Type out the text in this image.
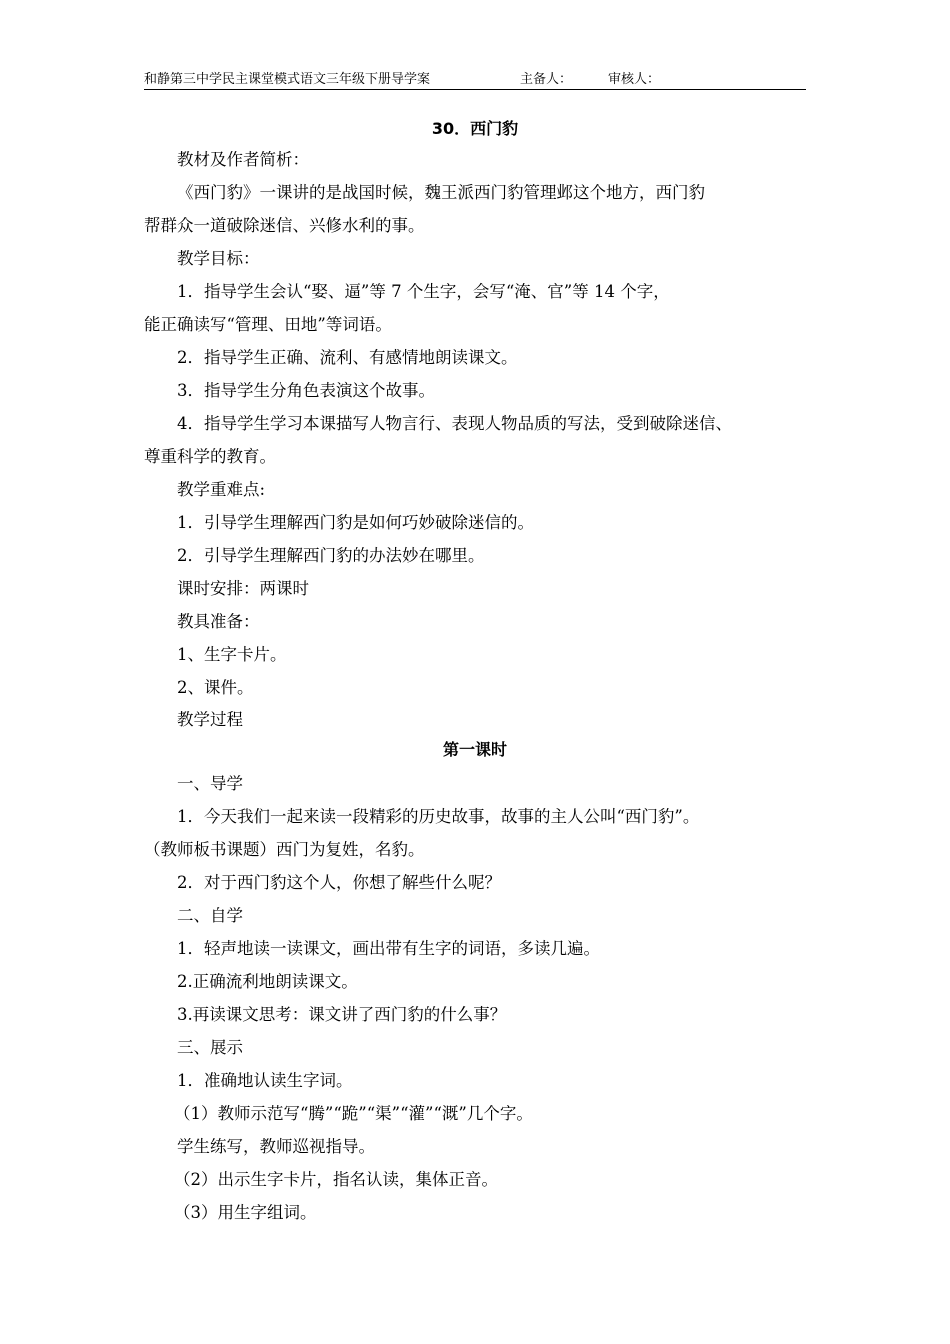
和静第三中学民主课堂模式语文三年级下册导学案	主备人：	审核人：
30．西门豹
教材及作者简析：
《西门豹》一课讲的是战国时候，魏王派西门豹管理邺这个地方，西门豹
帮群众一道破除迷信、兴修水利的事。
教学目标：
1．指导学生会认“娶、逼”等 7 个生字，会写“淹、官”等 14 个字，
能正确读写“管理、田地”等词语。
2．指导学生正确、流利、有感情地朗读课文。
3．指导学生分角色表演这个故事。
4．指导学生学习本课描写人物言行、表现人物品质的写法，受到破除迷信、
尊重科学的教育。
教学重难点:
1．引导学生理解西门豹是如何巧妙破除迷信的。
2．引导学生理解西门豹的办法妙在哪里。
课时安排：两课时
教具准备：
1、生字卡片。
2、课件。
教学过程
第一课时
一、导学
1．今天我们一起来读一段精彩的历史故事，故事的主人公叫“西门豹”。
（教师板书课题）西门为复姓，名豹。
2．对于西门豹这个人，你想了解些什么呢？
二、自学
1．轻声地读一读课文，画出带有生字的词语，多读几遍。
2.正确流利地朗读课文。
3.再读课文思考：课文讲了西门豹的什么事？
三、展示
1．准确地认读生字词。
（1）教师示范写“腾”“跪”“渠”“灌”“溉”几个字。
学生练写，教师巡视指导。
（2）出示生字卡片，指名认读，集体正音。
（3）用生字组词。
